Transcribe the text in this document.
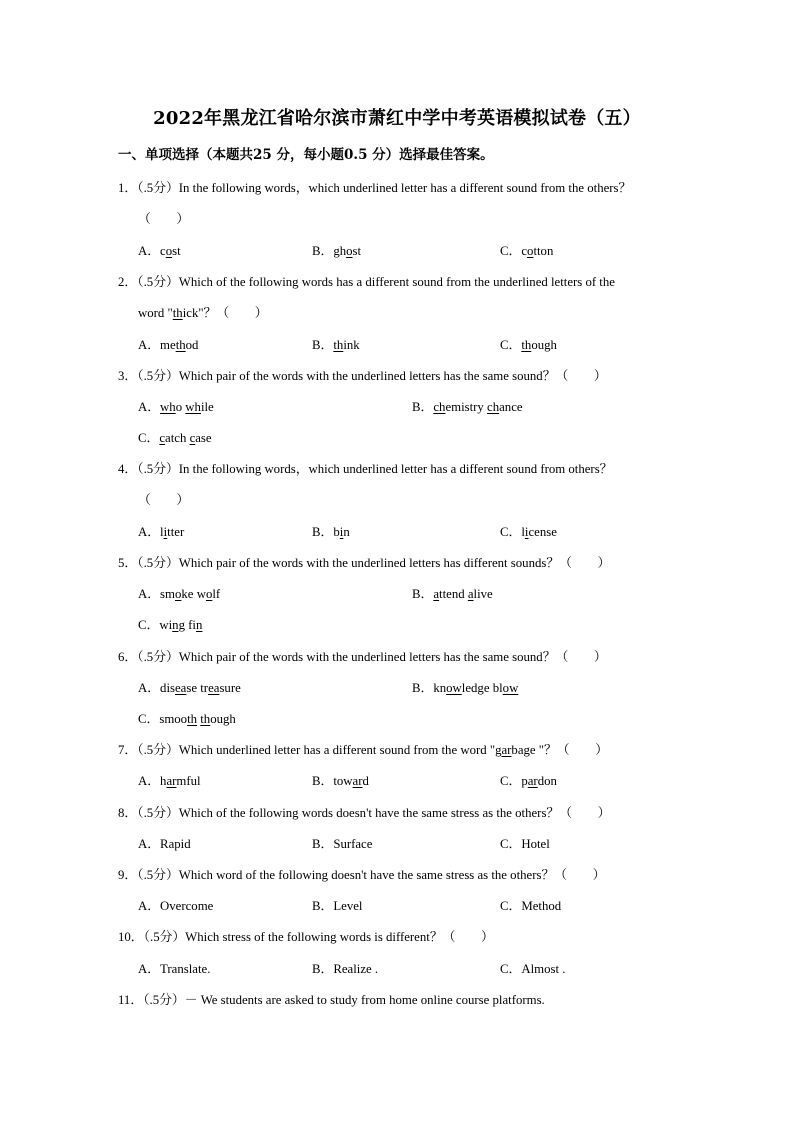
2022年黑龙江省哈尔滨市萧红中学中考英语模拟试卷（五）
一、单项选择（本题共25 分，每小题0.5 分）选择最佳答案。
1．（.5分）In the following words，which underlined letter has a different sound from the others？
（　　）
A．cost	B．ghost	C．cotton
2．（.5分）Which of the following words has a different sound from the underlined letters of the
word "thick"？（　　）
A．method	B．think	C．though
3．（.5分）Which pair of the words with the underlined letters has the same sound？（　　）
A．who while	B．chemistry chance
C．catch case
4．（.5分）In the following words，which underlined letter has a different sound from others？
（　　）
A．litter	B．bin	C．license
5．（.5分）Which pair of the words with the underlined letters has different sounds？（　　）
A．smoke wolf	B．attend alive
C．wing fin
6．（.5分）Which pair of the words with the underlined letters has the same sound？（　　）
A．disease treasure	B．knowledge blow
C．smooth though
7．（.5分）Which underlined letter has a different sound from the word "garbage "？（　　）
A．harmful	B．toward	C．pardon
8．（.5分）Which of the following words doesn't have the same stress as the others？（　　）
A．Rapid	B．Surface	C．Hotel
9．（.5分）Which word of the following doesn't have the same stress as the others？（　　）
A．Overcome	B．Level	C．Method
10．（.5分）Which stress of the following words is different？（　　）
A．Translate.	B．Realize .	C．Almost .
11．（.5分）－ We students are asked to study from home online course platforms.
